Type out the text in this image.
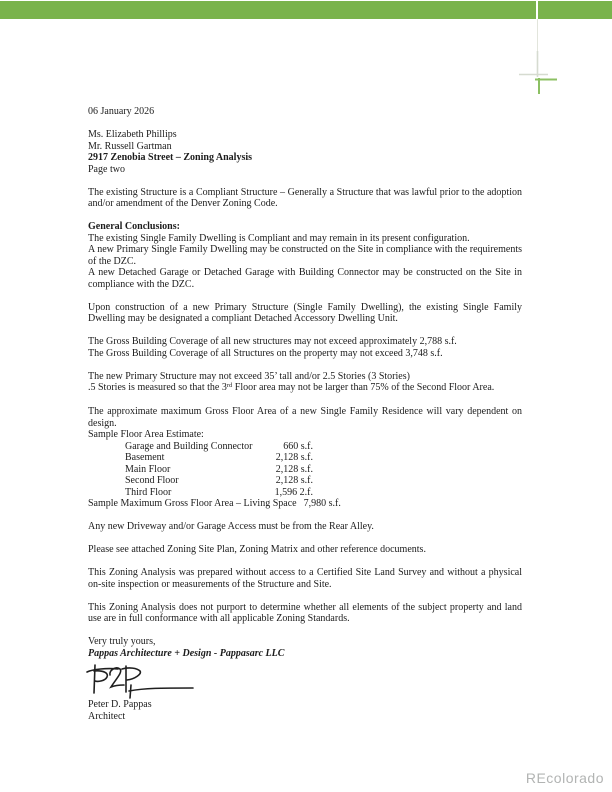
06 January 2026

Ms. Elizabeth Phillips

Mr. Russell Gartman

2917 Zenobia Street – Zoning Analysis

Page two

The existing Structure is a Compliant Structure – Generally a Structure that was lawful prior to the adoption and/or amendment of the Denver Zoning Code.

General Conclusions:

The existing Single Family Dwelling is Compliant and may remain in its present configuration.

A new Primary Single Family Dwelling may be constructed on the Site in compliance with the requirements of the DZC.

A new Detached Garage or Detached Garage with Building Connector may be constructed on the Site in compliance with the DZC.

Upon construction of a new Primary Structure (Single Family Dwelling), the existing Single Family Dwelling may be designated a compliant Detached Accessory Dwelling Unit.

The Gross Building Coverage of all new structures may not exceed approximately 2,788 s.f.

The Gross Building Coverage of all Structures on the property may not exceed 3,748 s.f.

The new Primary Structure may not exceed 35’ tall and/or 2.5 Stories (3 Stories)

.5 Stories is measured so that the 3rd Floor area may not be larger than 75% of the Second Floor Area.

The approximate maximum Gross Floor Area of a new Single Family Residence will vary dependent on design.

Sample Floor Area Estimate:

Garage and Building Connector	660 s.f.
Basement	2,128 s.f.
Main Floor	2,128 s.f.
Second Floor	2,128 s.f.
Third Floor	1,596 2.f.
Sample Maximum Gross Floor Area – Living Space 7,980 s.f.

Any new Driveway and/or Garage Access must be from the Rear Alley.

Please see attached Zoning Site Plan, Zoning Matrix and other reference documents.

This Zoning Analysis was prepared without access to a Certified Site Land Survey and without a physical on-site inspection or measurements of the Structure and Site.

This Zoning Analysis does not purport to determine whether all elements of the subject property and land use are in full conformance with all applicable Zoning Standards.

Very truly yours,

Pappas Architecture + Design - Pappasarc LLC

Peter D. Pappas

Architect

REcolorado
